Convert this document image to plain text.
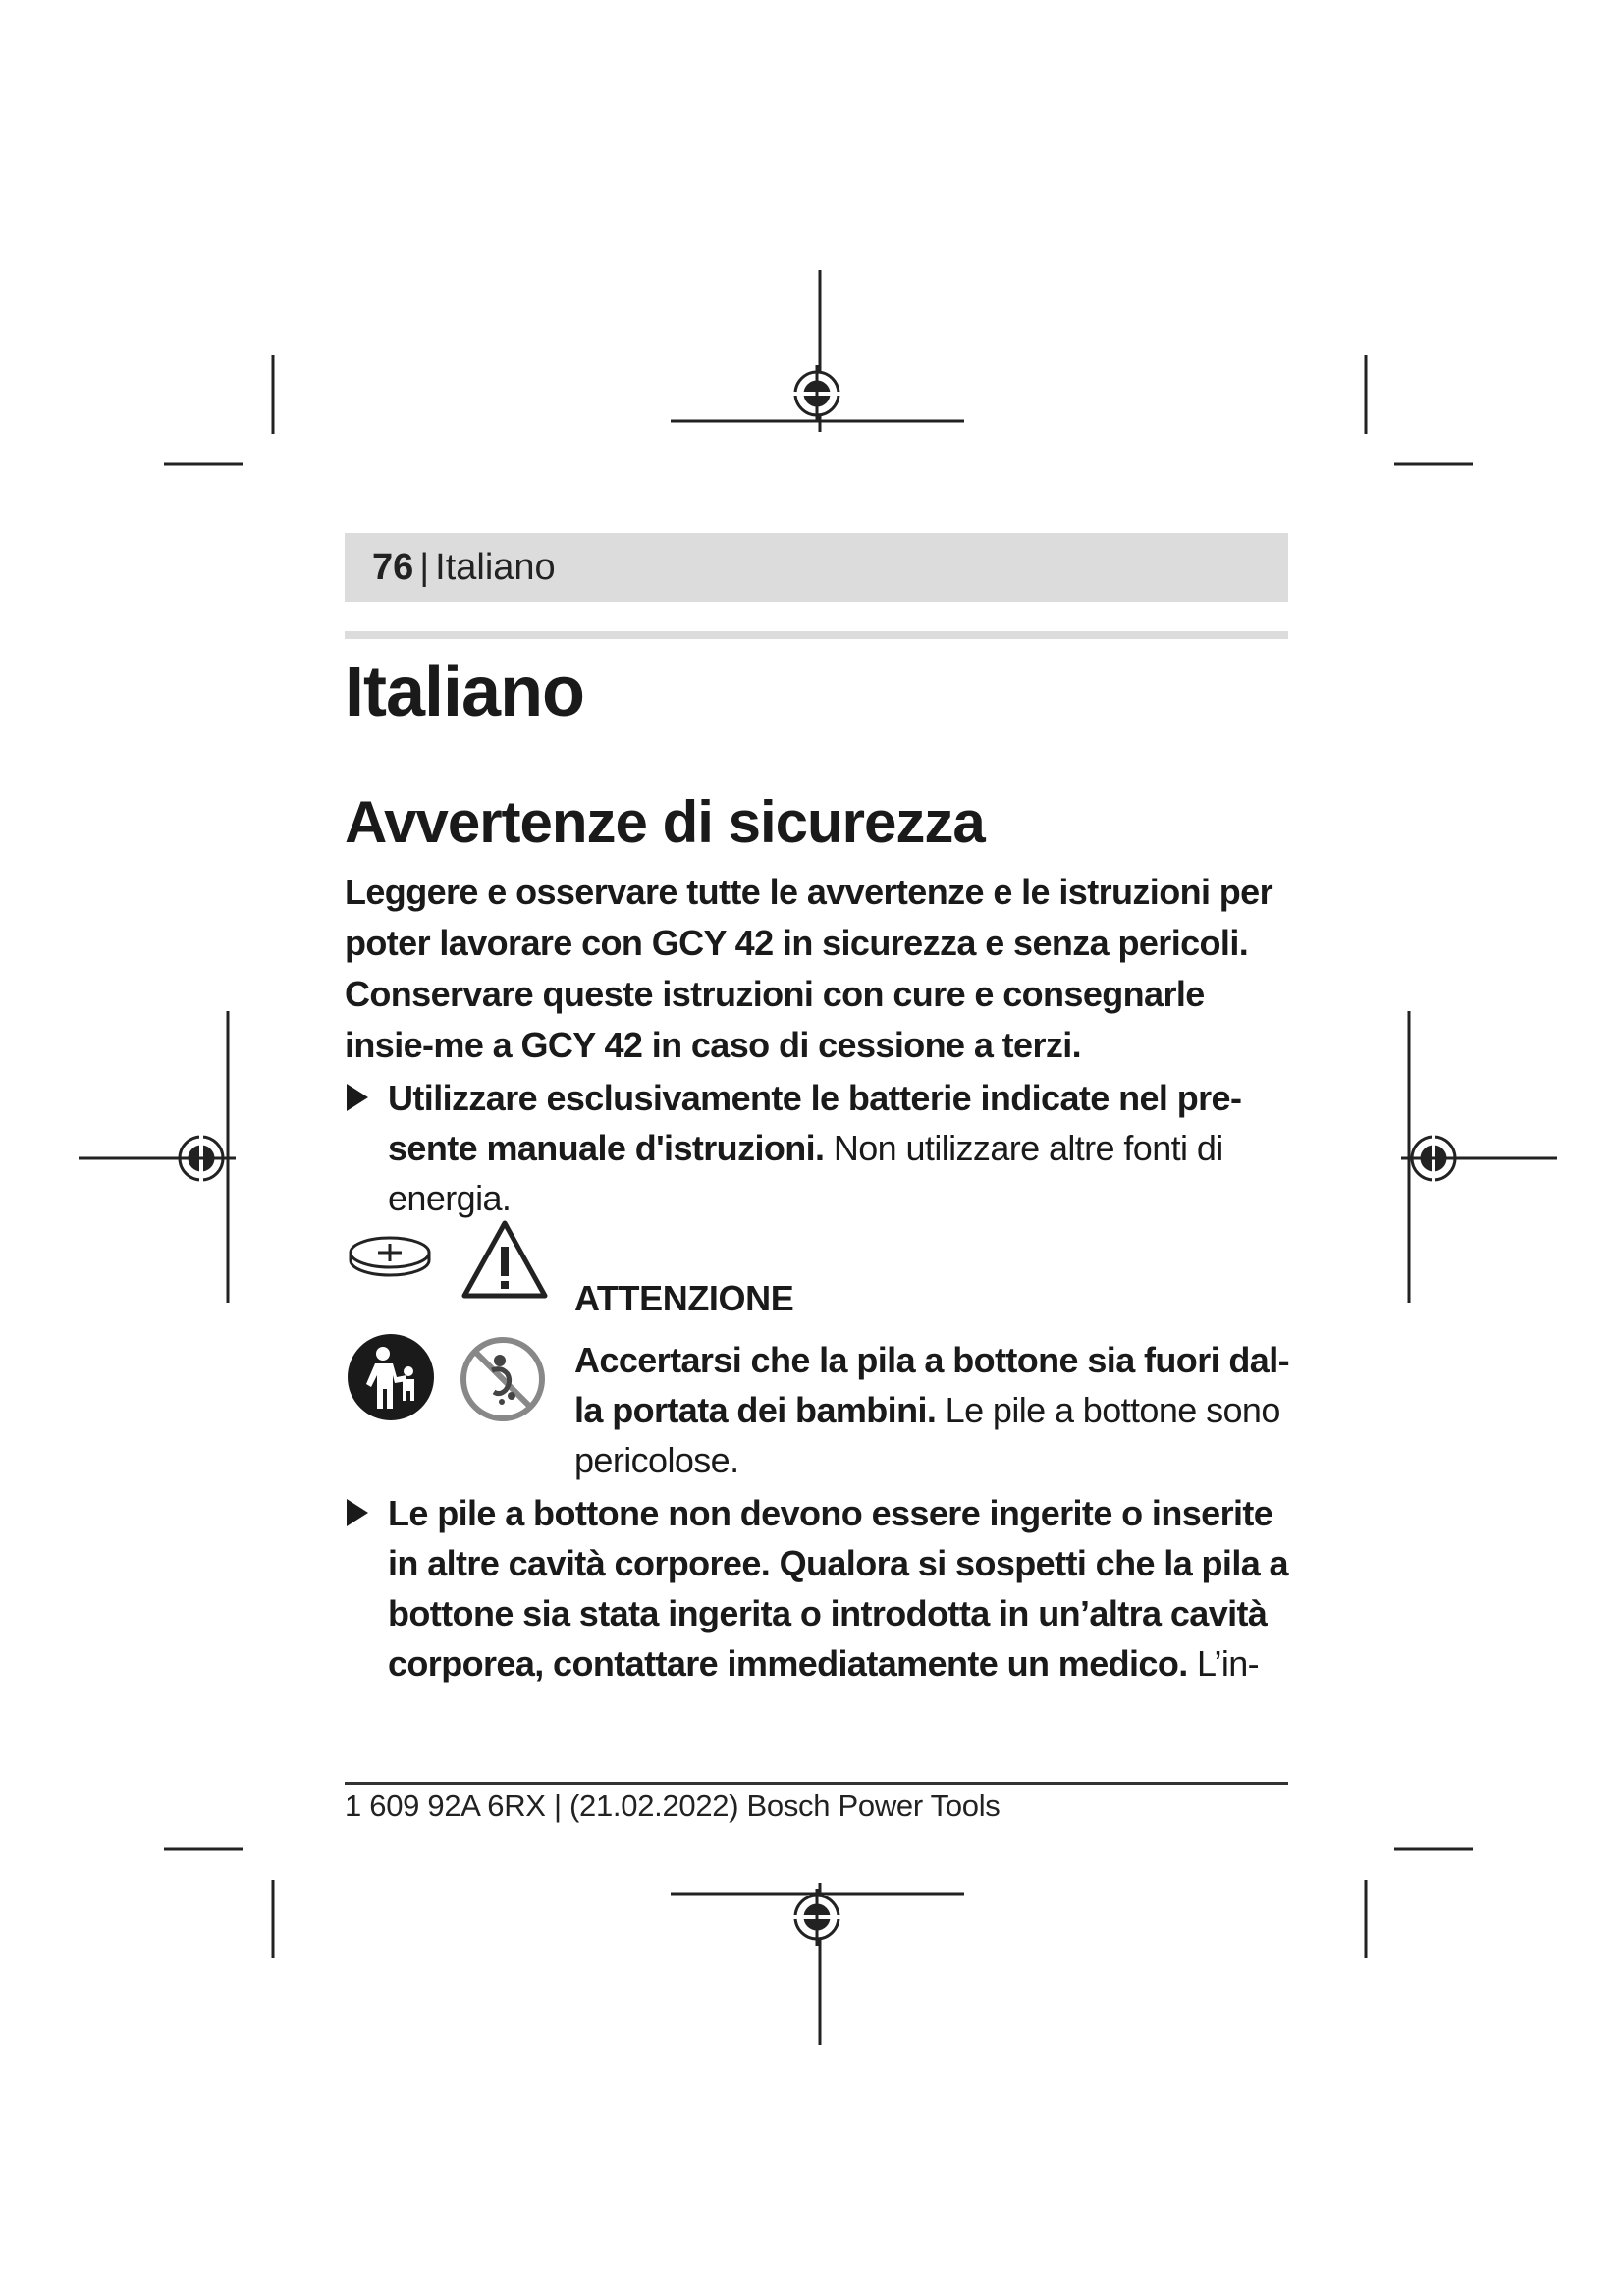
76 | Italiano
Italiano
Avvertenze di sicurezza

Leggere e osservare tutte le avvertenze e le istruzioni per poter lavorare con GCY 42 in sicurezza e senza pericoli. Conservare queste istruzioni con cure e consegnarle insie-me a GCY 42 in caso di cessione a terzi.

Utilizzare esclusivamente le batterie indicate nel pre-sente manuale d'istruzioni. Non utilizzare altre fonti di energia.

ATTENZIONE

Accertarsi che la pila a bottone sia fuori dal-la portata dei bambini. Le pile a bottone sono pericolose.

Le pile a bottone non devono essere ingerite o inserite in altre cavità corporee. Qualora si sospetti che la pila a bottone sia stata ingerita o introdotta in un’altra cavità corporea, contattare immediatamente un medico. L’in-
1 609 92A 6RX | (21.02.2022) Bosch Power Tools
